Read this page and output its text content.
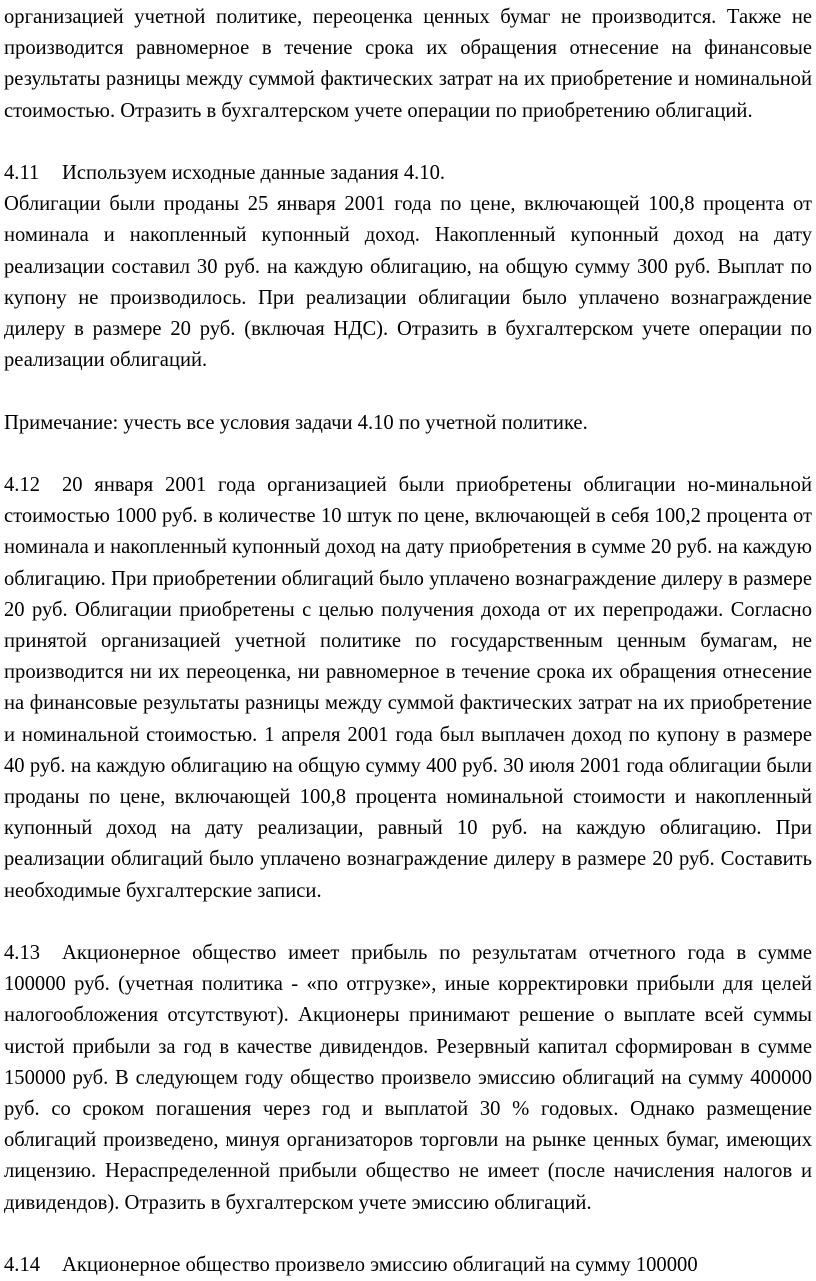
организацией учетной политике, переоценка ценных бумаг не производится. Также не производится равномерное в течение срока их обращения отнесение на финансовые результаты разницы между суммой фактических затрат на их приобретение и номинальной стоимостью. Отразить в бухгалтерском учете операции по приобретению облигаций.

4.11 Используем исходные данные задания 4.10.

Облигации были проданы 25 января 2001 года по цене, включающей 100,8 процента от номинала и накопленный купонный доход. Накопленный купонный доход на дату реализации составил 30 руб. на каждую облигацию, на общую сумму 300 руб. Выплат по купону не производилось. При реализации облигации было уплачено вознаграждение дилеру в размере 20 руб. (включая НДС). Отразить в бухгалтерском учете операции по реализации облигаций.

Примечание: учесть все условия задачи 4.10 по учетной политике.

4.12 20 января 2001 года организацией были приобретены облигации но-минальной стоимостью 1000 руб. в количестве 10 штук по цене, включающей в себя 100,2 процента от номинала и накопленный купонный доход на дату приобретения в сумме 20 руб. на каждую облигацию. При приобретении облигаций было уплачено вознаграждение дилеру в размере 20 руб. Облигации приобретены с целью получения дохода от их перепродажи. Согласно принятой организацией учетной политике по государственным ценным бумагам, не производится ни их переоценка, ни равномерное в течение срока их обращения отнесение на финансовые результаты разницы между суммой фактических затрат на их приобретение и номинальной стоимостью. 1 апреля 2001 года был выплачен доход по купону в размере 40 руб. на каждую облигацию на общую сумму 400 руб. 30 июля 2001 года облигации были проданы по цене, включающей 100,8 процента номинальной стоимости и накопленный купонный доход на дату реализации, равный 10 руб. на каждую облигацию. При реализации облигаций было уплачено вознаграждение дилеру в размере 20 руб. Составить необходимые бухгалтерские записи.

4.13 Акционерное общество имеет прибыль по результатам отчетного года в сумме 100000 руб. (учетная политика - «по отгрузке», иные корректировки прибыли для целей налогообложения отсутствуют). Акционеры принимают решение о выплате всей суммы чистой прибыли за год в качестве дивидендов. Резервный капитал сформирован в сумме 150000 руб. В следующем году общество произвело эмиссию облигаций на сумму 400000 руб. со сроком погашения через год и выплатой 30 % годовых. Однако размещение облигаций произведено, минуя организаторов торговли на рынке ценных бумаг, имеющих лицензию. Нераспределенной прибыли общество не имеет (после начисления налогов и дивидендов). Отразить в бухгалтерском учете эмиссию облигаций.

4.14 Акционерное общество произвело эмиссию облигаций на сумму 100000
